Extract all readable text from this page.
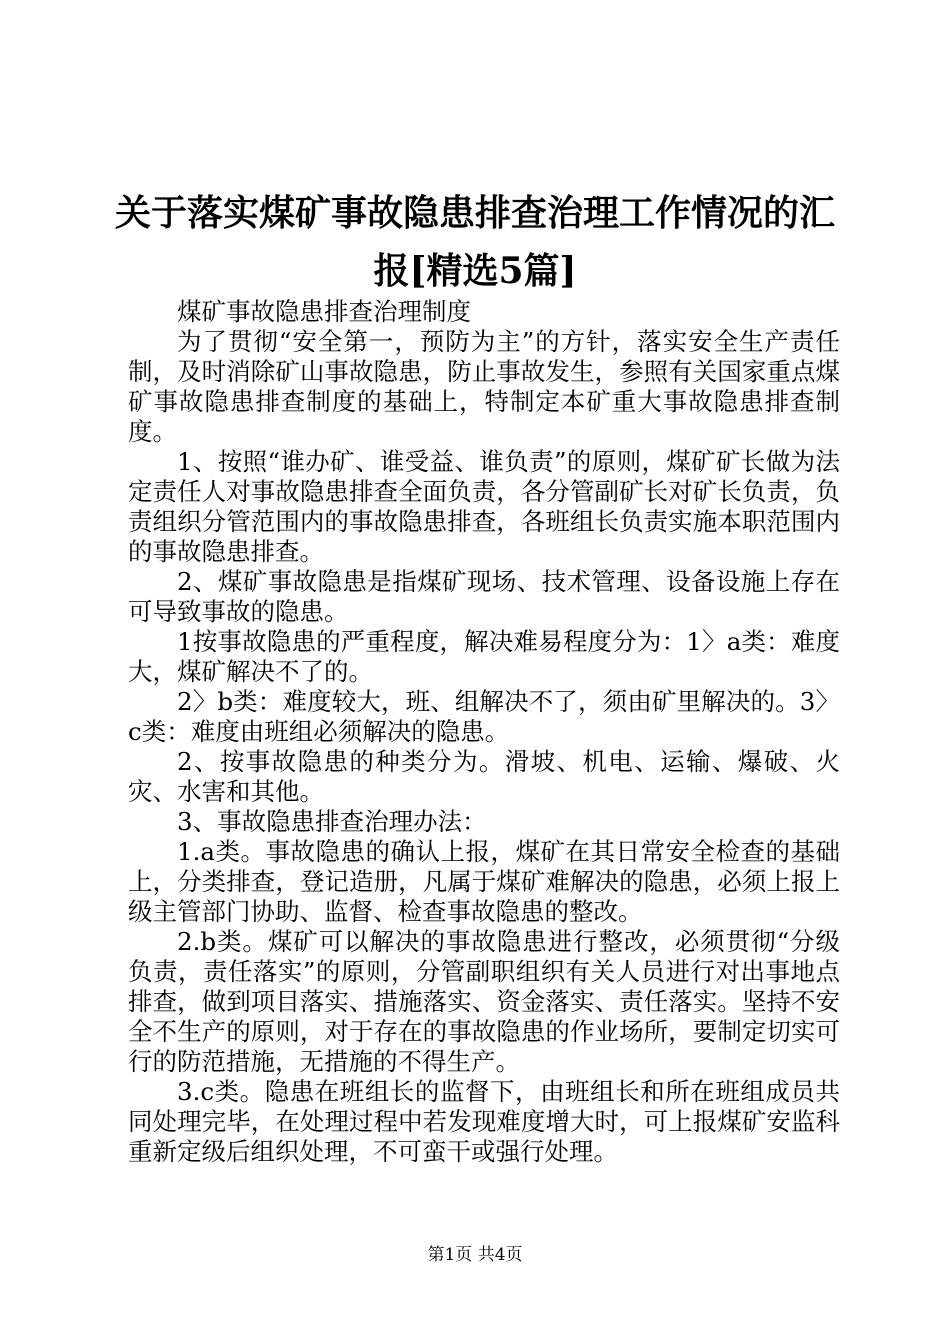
关于落实煤矿事故隐患排查治理工作情况的汇报[精选5篇]

煤矿事故隐患排查治理制度

为了贯彻“安全第一，预防为主”的方针，落实安全生产责任制，及时消除矿山事故隐患，防止事故发生，参照有关国家重点煤矿事故隐患排查制度的基础上，特制定本矿重大事故隐患排查制度。

1、按照“谁办矿、谁受益、谁负责”的原则，煤矿矿长做为法定责任人对事故隐患排查全面负责，各分管副矿长对矿长负责，负责组织分管范围内的事故隐患排查，各班组长负责实施本职范围内的事故隐患排查。

2、煤矿事故隐患是指煤矿现场、技术管理、设备设施上存在可导致事故的隐患。

1按事故隐患的严重程度，解决难易程度分为：1〉a类：难度大，煤矿解决不了的。

2〉b类：难度较大，班、组解决不了，须由矿里解决的。3〉c类：难度由班组必须解决的隐患。

2、按事故隐患的种类分为。滑坡、机电、运输、爆破、火灾、水害和其他。

3、事故隐患排查治理办法：

1.a类。事故隐患的确认上报，煤矿在其日常安全检查的基础上，分类排查，登记造册，凡属于煤矿难解决的隐患，必须上报上级主管部门协助、监督、检查事故隐患的整改。

2.b类。煤矿可以解决的事故隐患进行整改，必须贯彻“分级负责，责任落实”的原则，分管副职组织有关人员进行对出事地点排查，做到项目落实、措施落实、资金落实、责任落实。坚持不安全不生产的原则，对于存在的事故隐患的作业场所，要制定切实可行的防范措施，无措施的不得生产。

3.c类。隐患在班组长的监督下，由班组长和所在班组成员共同处理完毕，在处理过程中若发现难度增大时，可上报煤矿安监科重新定级后组织处理，不可蛮干或强行处理。

第1页 共4页
